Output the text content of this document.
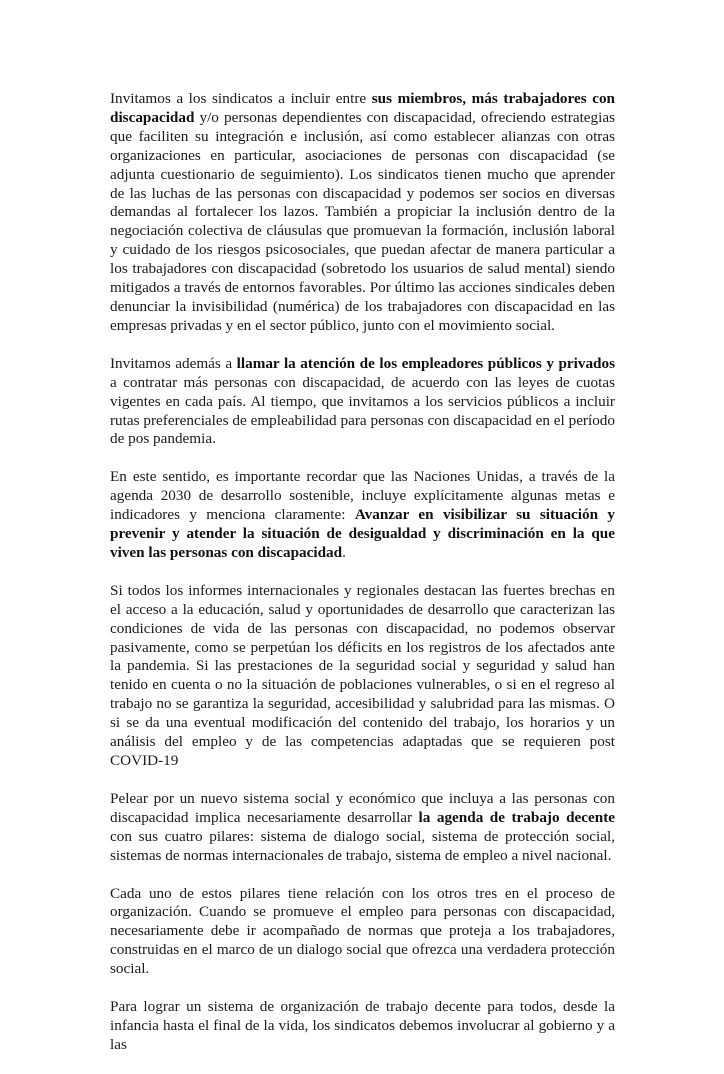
Invitamos a los sindicatos a incluir entre sus miembros, más trabajadores con discapacidad y/o personas dependientes con discapacidad, ofreciendo estrategias que faciliten su integración e inclusión, así como establecer alianzas con otras organizaciones en particular, asociaciones de personas con discapacidad (se adjunta cuestionario de seguimiento). Los sindicatos tienen mucho que aprender de las luchas de las personas con discapacidad y podemos ser socios en diversas demandas al fortalecer los lazos. También a propiciar la inclusión dentro de la negociación colectiva de cláusulas que promuevan la formación, inclusión laboral y cuidado de los riesgos psicosociales, que puedan afectar de manera particular a los trabajadores con discapacidad (sobretodo los usuarios de salud mental) siendo mitigados a través de entornos favorables. Por último las acciones sindicales deben denunciar la invisibilidad (numérica) de los trabajadores con discapacidad en las empresas privadas y en el sector público, junto con el movimiento social.

Invitamos además a llamar la atención de los empleadores públicos y privados a contratar más personas con discapacidad, de acuerdo con las leyes de cuotas vigentes en cada país. Al tiempo, que invitamos a los servicios públicos a incluir rutas preferenciales de empleabilidad para personas con discapacidad en el período de pos pandemia.

En este sentido, es importante recordar que las Naciones Unidas, a través de la agenda 2030 de desarrollo sostenible, incluye explícitamente algunas metas e indicadores y menciona claramente: Avanzar en visibilizar su situación y prevenir y atender la situación de desigualdad y discriminación en la que viven las personas con discapacidad.

Si todos los informes internacionales y regionales destacan las fuertes brechas en el acceso a la educación, salud y oportunidades de desarrollo que caracterizan las condiciones de vida de las personas con discapacidad, no podemos observar pasivamente, como se perpetúan los déficits en los registros de los afectados ante la pandemia. Si las prestaciones de la seguridad social y seguridad y salud han tenido en cuenta o no la situación de poblaciones vulnerables, o si en el regreso al trabajo no se garantiza la seguridad, accesibilidad y salubridad para las mismas. O si se da una eventual modificación del contenido del trabajo, los horarios y un análisis del empleo y de las competencias adaptadas que se requieren post COVID-19

Pelear por un nuevo sistema social y económico que incluya a las personas con discapacidad implica necesariamente desarrollar la agenda de trabajo decente con sus cuatro pilares: sistema de dialogo social, sistema de protección social, sistemas de normas internacionales de trabajo, sistema de empleo a nivel nacional.

Cada uno de estos pilares tiene relación con los otros tres en el proceso de organización. Cuando se promueve el empleo para personas con discapacidad, necesariamente debe ir acompañado de normas que proteja a los trabajadores, construidas en el marco de un dialogo social que ofrezca una verdadera protección social.

Para lograr un sistema de organización de trabajo decente para todos, desde la infancia hasta el final de la vida, los sindicatos debemos involucrar al gobierno y a las
